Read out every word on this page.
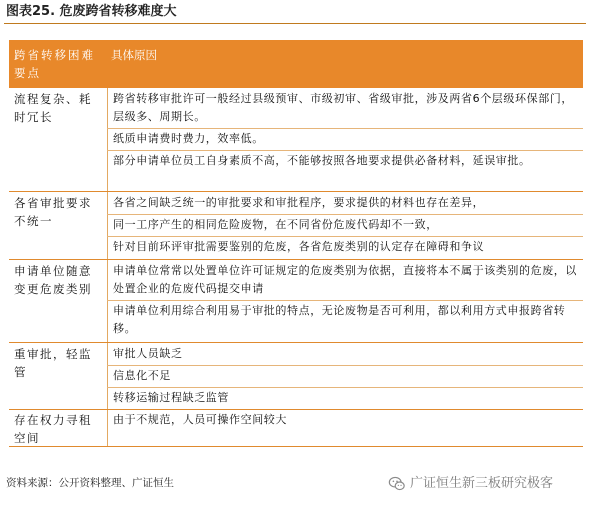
图表25. 危废跨省转移难度大
跨省转移困难要点
具体原因
流程复杂、耗时冗长
跨省转移审批许可一般经过县级预审、市级初审、省级审批，涉及两省6个层级环保部门，层级多、周期长。
纸质申请费时费力，效率低。
部分申请单位员工自身素质不高，不能够按照各地要求提供必备材料，延误审批。
各省审批要求不统一
各省之间缺乏统一的审批要求和审批程序，要求提供的材料也存在差异，
同一工序产生的相同危险废物，在不同省份危废代码却不一致，
针对目前环评审批需要鉴别的危废，各省危废类别的认定存在障碍和争议
申请单位随意变更危废类别
申请单位常常以处置单位许可证规定的危废类别为依据，直接将本不属于该类别的危废，以处置企业的危废代码提交申请
申请单位利用综合利用易于审批的特点，无论废物是否可利用，都以利用方式申报跨省转移。
重审批，轻监管
审批人员缺乏
信息化不足
转移运输过程缺乏监管
存在权力寻租空间
由于不规范，人员可操作空间较大
资料来源：公开资料整理、广证恒生	广证恒生新三板研究极客
